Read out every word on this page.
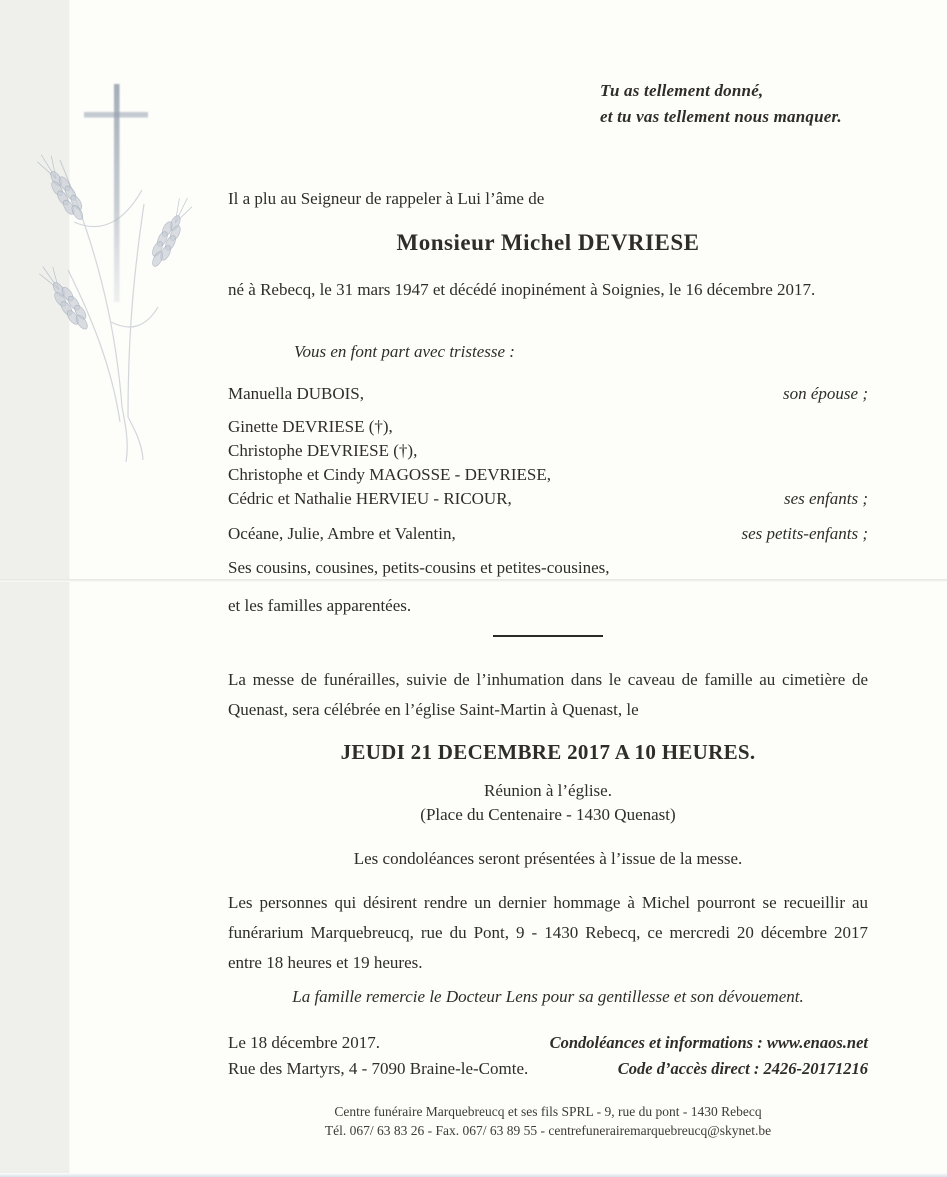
Tu as tellement donné,
et tu vas tellement nous manquer.
Il a plu au Seigneur de rappeler à Lui l’âme de
Monsieur Michel DEVRIESE
né à Rebecq, le 31 mars 1947 et décédé inopinément à Soignies, le 16 décembre 2017.
Vous en font part avec tristesse :
Manuella DUBOIS,	son épouse ;
Ginette DEVRIESE (†),
Christophe DEVRIESE (†),
Christophe et Cindy MAGOSSE - DEVRIESE,
Cédric et Nathalie HERVIEU - RICOUR,	ses enfants ;
Océane, Julie, Ambre et Valentin,	ses petits-enfants ;
Ses cousins, cousines, petits-cousins et petites-cousines,
et les familles apparentées.
La messe de funérailles, suivie de l’inhumation dans le caveau de famille au cimetière de Quenast, sera célébrée en l’église Saint-Martin à Quenast, le
JEUDI 21 DECEMBRE 2017 A 10 HEURES.
Réunion à l’église.
(Place du Centenaire - 1430 Quenast)
Les condoléances seront présentées à l’issue de la messe.
Les personnes qui désirent rendre un dernier hommage à Michel pourront se recueillir au funérarium Marquebreucq, rue du Pont, 9 - 1430 Rebecq, ce mercredi 20 décembre 2017 entre 18 heures et 19 heures.
La famille remercie le Docteur Lens pour sa gentillesse et son dévouement.
Le 18 décembre 2017.	Condoléances et informations : www.enaos.net
Rue des Martyrs, 4 - 7090 Braine-le-Comte.	Code d’accès direct : 2426-20171216
Centre funéraire Marquebreucq et ses fils SPRL - 9, rue du pont - 1430 Rebecq
Tél. 067/ 63 83 26 - Fax. 067/ 63 89 55 - centrefunerairemarquebreucq@skynet.be
